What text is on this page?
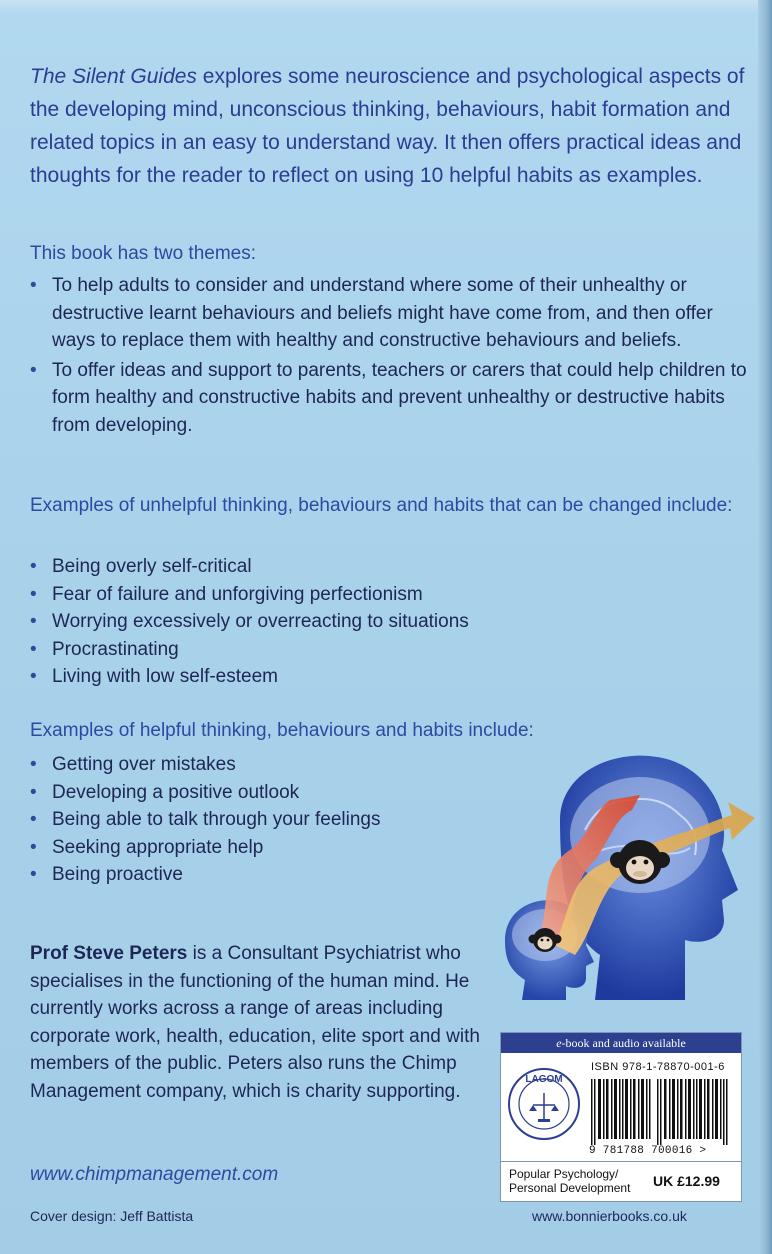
The Silent Guides explores some neuroscience and psychological aspects of the developing mind, unconscious thinking, behaviours, habit formation and related topics in an easy to understand way. It then offers practical ideas and thoughts for the reader to reflect on using 10 helpful habits as examples.
This book has two themes:
• To help adults to consider and understand where some of their unhealthy or destructive learnt behaviours and beliefs might have come from, and then offer ways to replace them with healthy and constructive behaviours and beliefs.
• To offer ideas and support to parents, teachers or carers that could help children to form healthy and constructive habits and prevent unhealthy or destructive habits from developing.
Examples of unhelpful thinking, behaviours and habits that can be changed include:
• Being overly self-critical
• Fear of failure and unforgiving perfectionism
• Worrying excessively or overreacting to situations
• Procrastinating
• Living with low self-esteem
Examples of helpful thinking, behaviours and habits include:
• Getting over mistakes
• Developing a positive outlook
• Being able to talk through your feelings
• Seeking appropriate help
• Being proactive
Prof Steve Peters is a Consultant Psychiatrist who specialises in the functioning of the human mind. He currently works across a range of areas including corporate work, health, education, elite sport and with members of the public. Peters also runs the Chimp Management company, which is charity supporting.
www.chimpmanagement.com
Cover design: Jeff Battista	www.bonnierbooks.co.uk
e-book and audio available
LAGOM
ISBN 978-1-78870-001-6
9 781788 700016 >
Popular Psychology/
Personal Development UK £12.99
